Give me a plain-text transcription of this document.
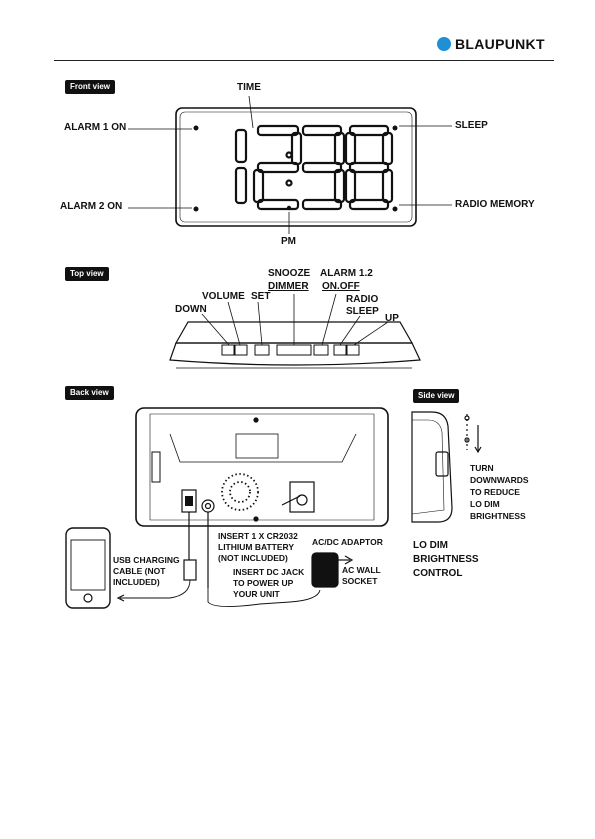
BLAUPUNKT
Front view
Top view
Back view	Side view
TIME
ALARM 1 ON
ALARM 2 ON
SLEEP
RADIO MEMORY
PM
SNOOZE
DIMMER
ALARM 1.2
ON.OFF
VOLUME SET	RADIO
SLEEP
DOWN
UP
USB CHARGING
CABLE (NOT
INCLUDED)
INSERT 1 X CR2032
LITHIUM BATTERY
(NOT INCLUDED)
INSERT DC JACK
TO POWER UP
YOUR UNIT
AC/DC ADAPTOR
AC WALL
SOCKET
TURN
DOWNWARDS
TO REDUCE
LO DIM
BRIGHTNESS
LO DIM
BRIGHTNESS
CONTROL
